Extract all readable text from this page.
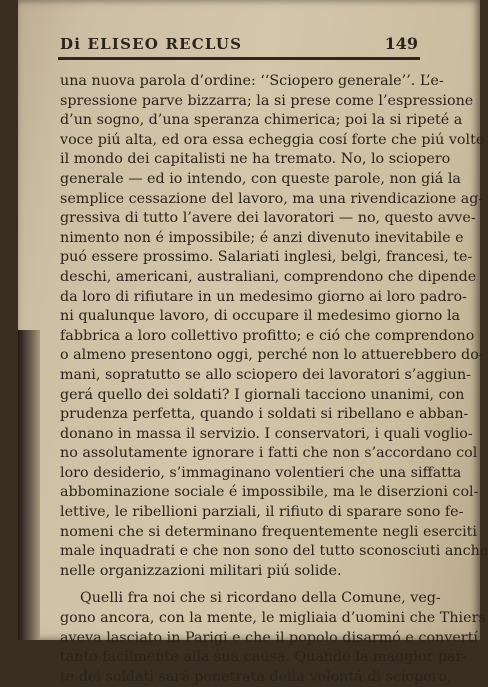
Di ELISEO RECLUS	149
una nuova parola d’ordine: ‘‘Sciopero generale’’. L’e-
spressione parve bizzarra; la si prese come l’espressione
d’un sogno, d’una speranza chimerica; poi la si ripeté a
voce piú alta, ed ora essa echeggia cosí forte che piú volte
il mondo dei capitalisti ne ha tremato. No, lo sciopero
generale — ed io intendo, con queste parole, non giá la
semplice cessazione del lavoro, ma una rivendicazione ag-
gressiva di tutto l’avere dei lavoratori — no, questo avve-
nimento non é impossibile; é anzi divenuto inevitabile e
puó essere prossimo. Salariati inglesi, belgi, francesi, te-
deschi, americani, australiani, comprendono che dipende
da loro di rifiutare in un medesimo giorno ai loro padro-
ni qualunque lavoro, di occupare il medesimo giorno la
fabbrica a loro collettivo profitto; e ció che comprendono
o almeno presentono oggi, perché non lo attuerebbero do-
mani, sopratutto se allo sciopero dei lavoratori s’aggiun-
gerá quello dei soldati? I giornali tacciono unanimi, con
prudenza perfetta, quando i soldati si ribellano e abban-
donano in massa il servizio. I conservatori, i quali voglio-
no assolutamente ignorare i fatti che non s’accordano col
loro desiderio, s’immaginano volentieri che una siffatta
abbominazione sociale é impossibile, ma le diserzioni col-
lettive, le ribellioni parziali, il rifiuto di sparare sono fe-
nomeni che si determinano frequentemente negli eserciti
male inquadrati e che non sono del tutto sconosciuti anche
nelle organizzazioni militari piú solide.
Quelli fra noi che si ricordano della Comune, veg-
gono ancora, con la mente, le migliaia d’uomini che Thiers
aveva lasciato in Parigi e che il popolo disarmó e convertí
tanto facilmente alla sua causa. Quando la maggior par-
te dei soldati sará penetrata della volontá di sciopero,
